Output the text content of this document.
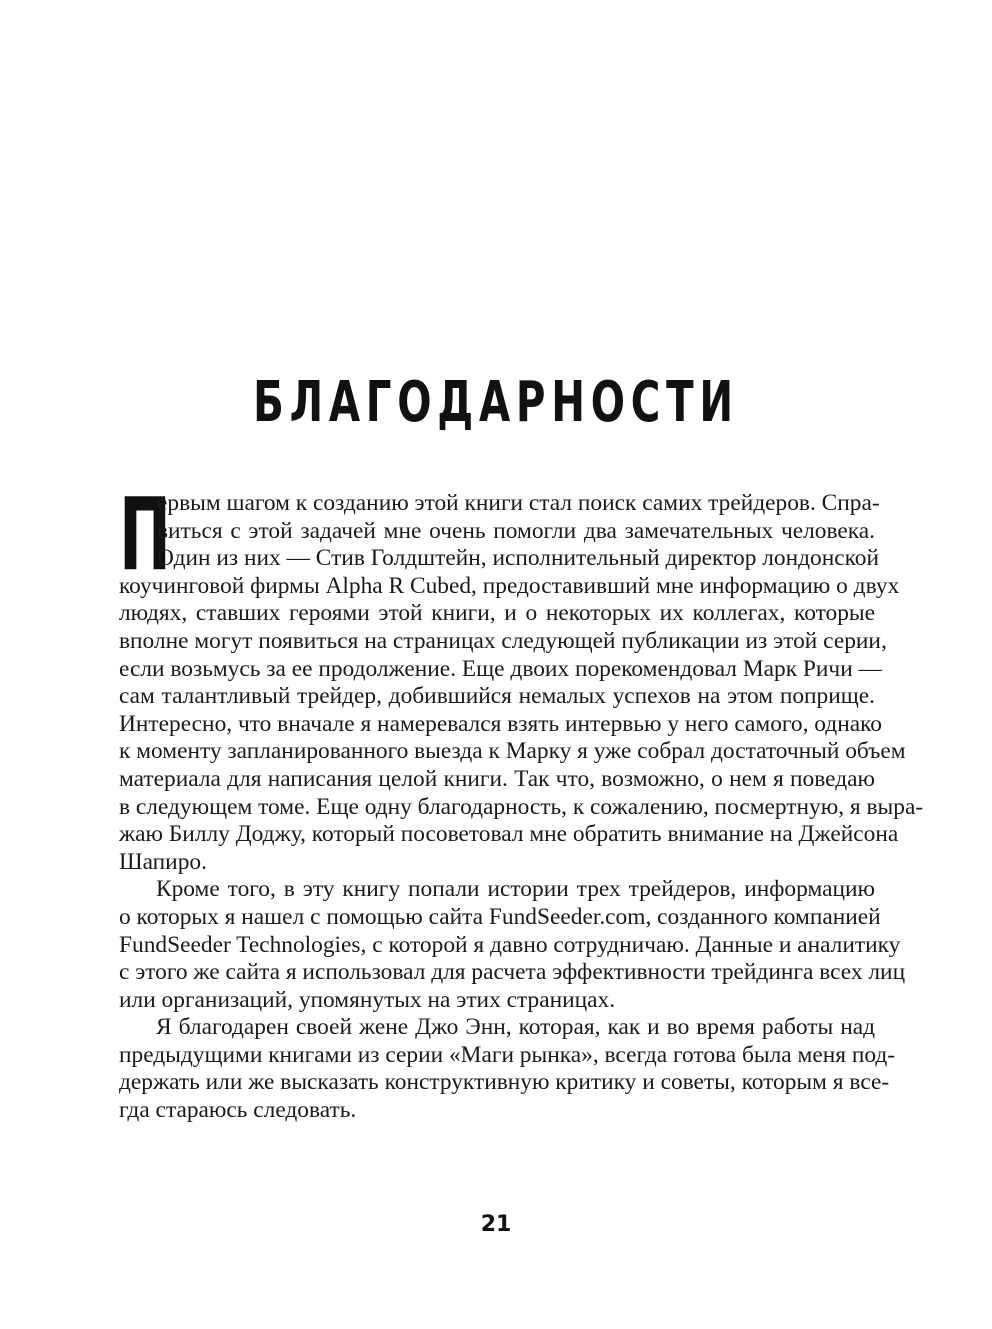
БЛАГОДАРНОСТИ
П
ервым шагом к созданию этой книги стал поиск самих трейдеров. Спра-
виться с этой задачей мне очень помогли два замечательных человека.
Один из них — Стив Голдштейн, исполнительный директор лондонской
коучинговой фирмы Alpha R Cubed, предоставивший мне информацию о двух
людях, ставших героями этой книги, и о некоторых их коллегах, которые
вполне могут появиться на страницах следующей публикации из этой серии,
если возьмусь за ее продолжение. Еще двоих порекомендовал Марк Ричи —
сам талантливый трейдер, добившийся немалых успехов на этом поприще.
Интересно, что вначале я намеревался взять интервью у него самого, однако
к моменту запланированного выезда к Марку я уже собрал достаточный объем
материала для написания целой книги. Так что, возможно, о нем я поведаю
в следующем томе. Еще одну благодарность, к сожалению, посмертную, я выра-
жаю Биллу Доджу, который посоветовал мне обратить внимание на Джейсона
Шапиро.
Кроме того, в эту книгу попали истории трех трейдеров, информацию
о которых я нашел с помощью сайта FundSeeder.com, созданного компанией
FundSeeder Technologies, с которой я давно сотрудничаю. Данные и аналитику
с этого же сайта я использовал для расчета эффективности трейдинга всех лиц
или организаций, упомянутых на этих страницах.
Я благодарен своей жене Джо Энн, которая, как и во время работы над
предыдущими книгами из серии «Маги рынка», всегда готова была меня под-
держать или же высказать конструктивную критику и советы, которым я все-
гда стараюсь следовать.
21
